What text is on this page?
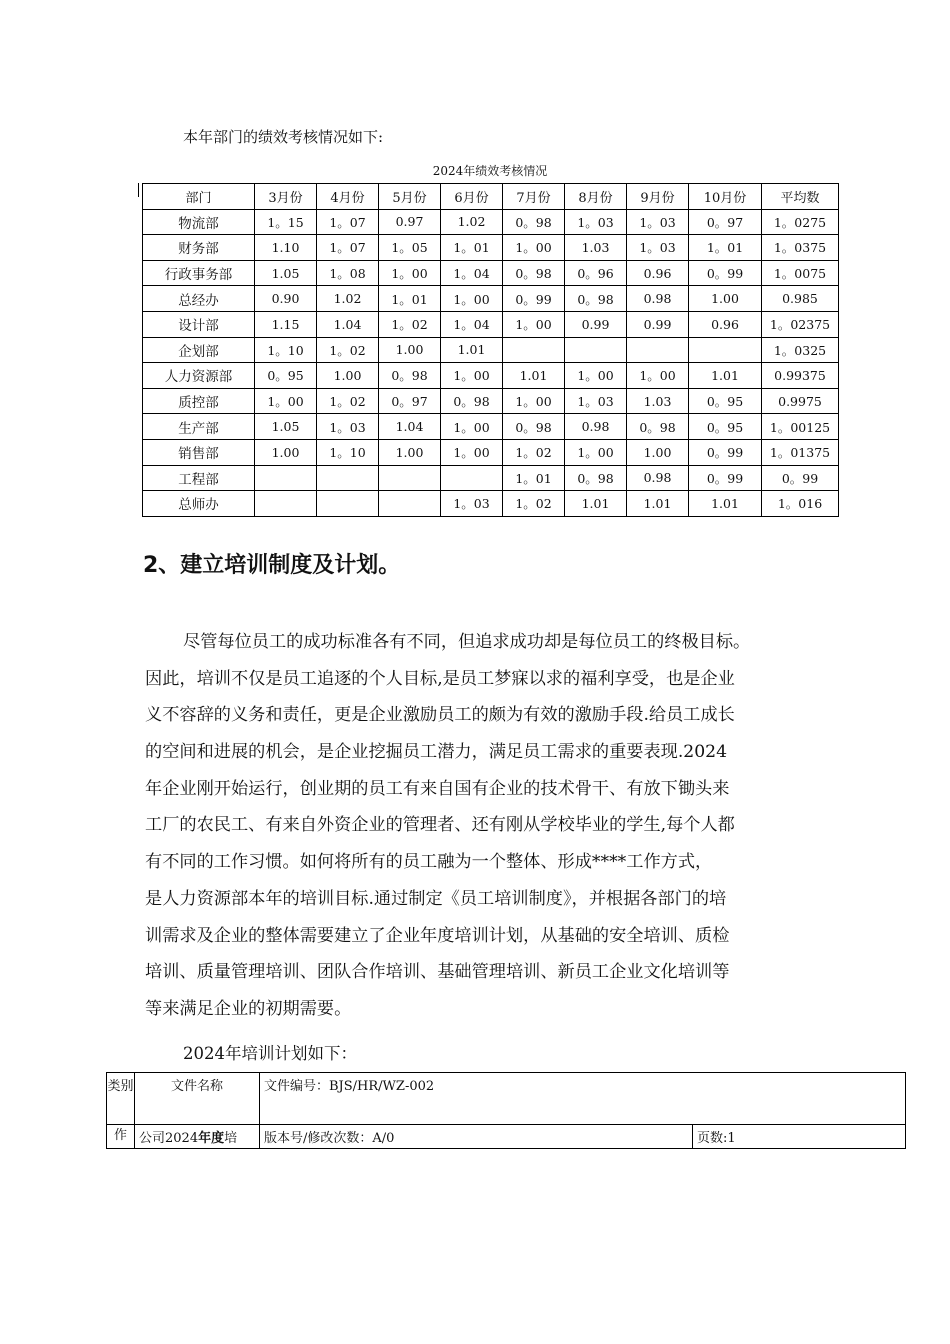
本年部门的绩效考核情况如下:
2024年绩效考核情况
部门	3月份	4月份	5月份	6月份	7月份	8月份	9月份	10月份	平均数
物流部	1。15	1。07	0.97	1.02	0。98	1。03	1。03	0。97	1。0275
财务部	1.10	1。07	1。05	1。01	1。00	1.03	1。03	1。01	1。0375
行政事务部	1.05	1。08	1。00	1。04	0。98	0。96	0.96	0。99	1。0075
总经办	0.90	1.02	1。01	1。00	0。99	0。98	0.98	1.00	0.985
设计部	1.15	1.04	1。02	1。04	1。00	0.99	0.99	0.96	1。02375
企划部	1。10	1。02	1.00	1.01					1。0325
人力资源部	0。95	1.00	0。98	1。00	1.01	1。00	1。00	1.01	0.99375
质控部	1。00	1。02	0。97	0。98	1。00	1。03	1.03	0。95	0.9975
生产部	1.05	1。03	1.04	1。00	0。98	0.98	0。98	0。95	1。00125
销售部	1.00	1。10	1.00	1。00	1。02	1。00	1.00	0。99	1。01375
工程部					1。01	0。98	0.98	0。99	0。99
总师办				1。03	1。02	1.01	1.01	1.01	1。016
2、建立培训制度及计划。
尽管每位员工的成功标准各有不同，但追求成功却是每位员工的终极目标。
因此，培训不仅是员工追逐的个人目标,是员工梦寐以求的福利享受，也是企业
义不容辞的义务和责任，更是企业激励员工的颇为有效的激励手段.给员工成长
的空间和进展的机会，是企业挖掘员工潜力，满足员工需求的重要表现.2024
年企业刚开始运行，创业期的员工有来自国有企业的技术骨干、有放下锄头来
工厂的农民工、有来自外资企业的管理者、还有刚从学校毕业的学生,每个人都
有不同的工作习惯。如何将所有的员工融为一个整体、形成****工作方式，
是人力资源部本年的培训目标.通过制定《员工培训制度》，并根据各部门的培
训需求及企业的整体需要建立了企业年度培训计划，从基础的安全培训、质检
培训、质量管理培训、团队合作培训、基础管理培训、新员工企业文化培训等
等来满足企业的初期需要。
2024年培训计划如下：
类别	文件名称	文件编号：BJS/HR/WZ-002	
作	公司2024年度培	版本号/修改次数：A/0	页数:1
